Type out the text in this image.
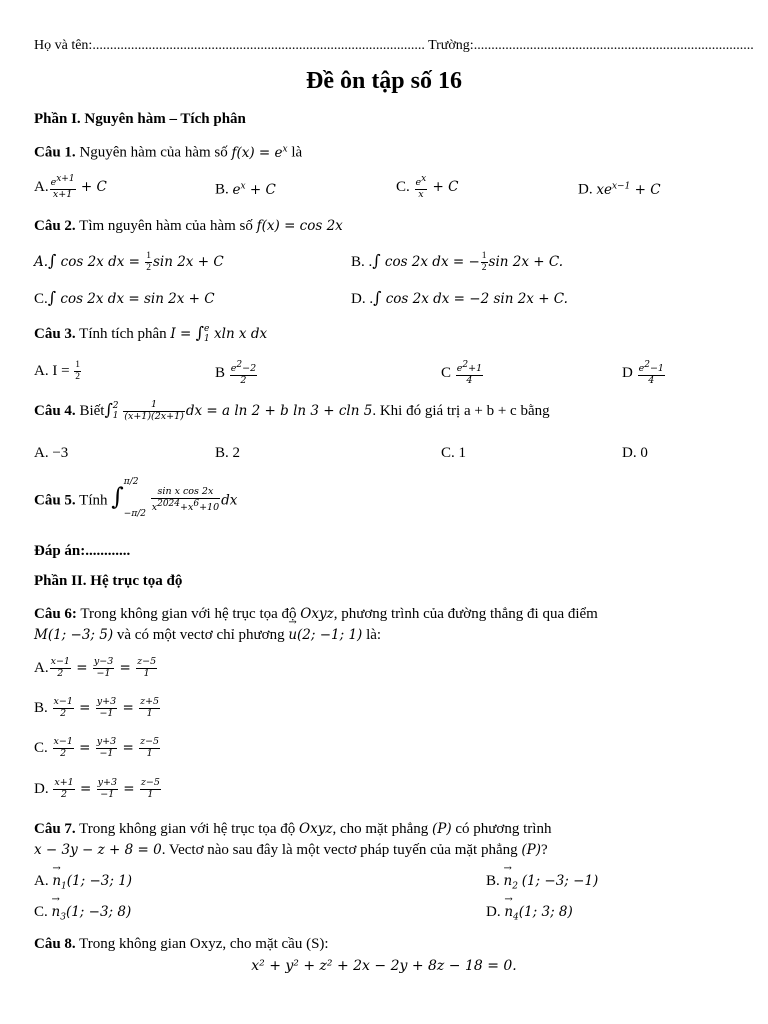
Họ và tên:............................................................................................... Trường:................................................................................
Đề ôn tập số 16
Phần I. Nguyên hàm – Tích phân
Câu 1. Nguyên hàm của hàm số $f(x) = e^x$ là
A. $\frac{e^{x+1}}{x+1} + C$	B. $e^x + C$	C. $\frac{e^x}{x} + C$	D. $xe^{x-1} + C$
Câu 2. Tìm nguyên hàm của hàm số f(x) = cos 2x
A.∫ cos 2x dx = $\frac{1}{2}$ sin 2x + C	B. .∫ cos 2x dx = − $\frac{1}{2}$ sin 2x + C.
C.∫ cos 2x dx = sin 2x + C	D. .∫ cos 2x dx = −2 sin 2x + C.
Câu 3. Tính tích phân I = ∫ e
1 xln x dx
A. $I = \frac{1}{2}$	B $\frac{e^2-2}{2}$	C $\frac{e^2+1}{4}$	D $\frac{e^2-1}{4}$
Câu 4. Biết∫ 2
1
$\frac{1}{(x+1)(2x+1)}$ dx = a ln 2 + b ln 3 + cln 5. Khi đó giá trị a + b + c bằng
A. −3	B. 2	C. 1	D. 0
Câu 5. Tính ∫
π/2
−π/2
$\frac{\text{sin x cos 2x}}{x^{2024}+x^6+10}$ dx
Đáp án:............
Phần II. Hệ trục tọa độ
Câu 6: Trong không gian với hệ trục tọa độ Oxyz, phương trình của đường thẳng đi qua điểm
M(1; −3; 5) và có một vectơ chỉ phương → u(2; −1; 1) là:
A. $\frac{x-1}{2} = \frac{y-3}{-1} = \frac{z-5}{1}$
B. $\frac{x-1}{2} = \frac{y+3}{-1} = \frac{z+5}{1}$
C. $\frac{x-1}{2} = \frac{y+3}{-1} = \frac{z-5}{1}$
D. $\frac{x+1}{2} = \frac{y+3}{-1} = \frac{z-5}{1}$
Câu 7. Trong không gian với hệ trục tọa độ Oxyz, cho mặt phẳng (P) có phương trình
x − 3y − z + 8 = 0. Vectơ nào sau đây là một vectơ pháp tuyến của mặt phẳng (P)?
A. → $n_1(1$; −3; 1)	B. → $n_2$ (1; −3; −1)
C. → $n_3(1$; −3; 8)	D. → $n_4(1$; 3; 8)
Câu 8. Trong không gian Oxyz, cho mặt cầu (S):
x² + y² + z² + 2x − 2y + 8z − 18 = 0.
